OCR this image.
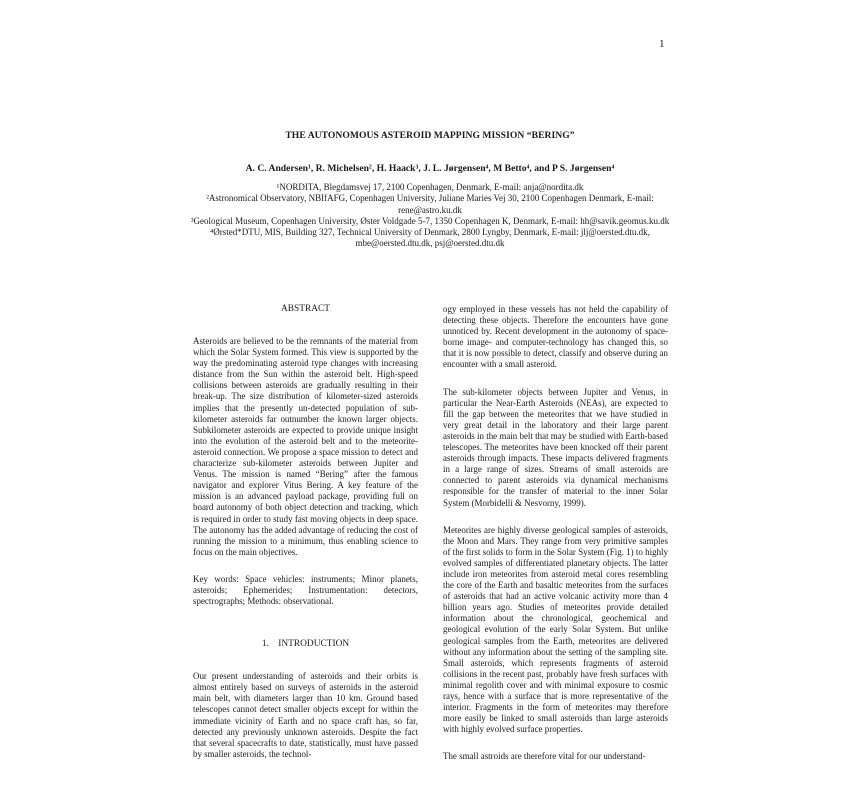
1
THE AUTONOMOUS ASTEROID MAPPING MISSION “BERING”
A. C. Andersen¹, R. Michelsen², H. Haack³, J. L. Jørgensen⁴, M Betto⁴, and P S. Jørgensen⁴
¹NORDITA, Blegdamsvej 17, 2100 Copenhagen, Denmark, E-mail: anja@nordita.dk
²Astronomical Observatory, NBIfAFG, Copenhagen University, Juliane Maries Vej 30, 2100 Copenhagen Denmark, E-mail: rene@astro.ku.dk
³Geological Museum, Copenhagen University, Øster Voldgade 5-7, 1350 Copenhagen K, Denmark, E-mail: hh@savik.geomus.ku.dk
⁴Ørsted*DTU, MIS, Building 327, Technical University of Denmark, 2800 Lyngby, Denmark, E-mail: jlj@oersted.dtu.dk, mbe@oersted.dtu.dk, psj@oersted.dtu.dk
ABSTRACT

Asteroids are believed to be the remnants of the material from which the Solar System formed. This view is supported by the way the predominating asteroid type changes with increasing distance from the Sun within the asteroid belt. High-speed collisions between asteroids are gradually resulting in their break-up. The size distribution of kilometer-sized asteroids implies that the presently un-detected population of sub-kilometer asteroids far outnumber the known larger objects. Subkilometer asteroids are expected to provide unique insight into the evolution of the asteroid belt and to the meteorite-asteroid connection. We propose a space mission to detect and characterize sub-kilometer asteroids between Jupiter and Venus. The mission is named “Bering” after the famous navigator and explorer Vitus Bering. A key feature of the mission is an advanced payload package, providing full on board autonomy of both object detection and tracking, which is required in order to study fast moving objects in deep space. The autonomy has the added advantage of reducing the cost of running the mission to a minimum, thus enabling science to focus on the main objectives.

Key words: Space vehicles: instruments; Minor planets, asteroids; Ephemerides; Instrumentation: detectors, spectrographs; Methods: observational.

1.    INTRODUCTION

Our present understanding of asteroids and their orbits is almost entirely based on surveys of asteroids in the asteroid main belt, with diameters larger than 10 km. Ground based telescopes cannot detect smaller objects except for within the immediate vicinity of Earth and no space craft has, so far, detected any previously unknown asteroids. Despite the fact that several spacecrafts to date, statistically, must have passed by smaller asteroids, the technol-

ogy employed in these vessels has not held the capability of detecting these objects. Therefore the encounters have gone unnoticed by. Recent development in the autonomy of space-borne image- and computer-technology has changed this, so that it is now possible to detect, classify and observe during an encounter with a small asteroid.

The sub-kilometer objects between Jupiter and Venus, in particular the Near-Earth Asteroids (NEAs), are expected to fill the gap between the meteorites that we have studied in very great detail in the laboratory and their large parent asteroids in the main belt that may be studied with Earth-based telescopes. The meteorites have been knocked off their parent asteroids through impacts. These impacts delivered fragments in a large range of sizes. Streams of small asteroids are connected to parent asteroids via dynamical mechanisms responsible for the transfer of material to the inner Solar System (Morbidelli & Nesvorny, 1999).

Meteorites are highly diverse geological samples of asteroids, the Moon and Mars. They range from very primitive samples of the first solids to form in the Solar System (Fig. 1) to highly evolved samples of differentiated planetary objects. The latter include iron meteorites from asteroid metal cores resembling the core of the Earth and basaltic meteorites from the surfaces of asteroids that had an active volcanic activity more than 4 billion years ago. Studies of meteorites provide detailed information about the chronological, geochemical and geological evolution of the early Solar System. But unlike geological samples from the Earth, meteorites are delivered without any information about the setting of the sampling site. Small asteroids, which represents fragments of asteroid collisions in the recent past, probably have fresh surfaces with minimal regolith cover and with minimal exposure to cosmic rays, hence with a surface that is more representative of the interior. Fragments in the form of meteorites may therefore more easily be linked to small asteroids than large asteroids with highly evolved surface properties.

The small astroids are therefore vital for our understand-
